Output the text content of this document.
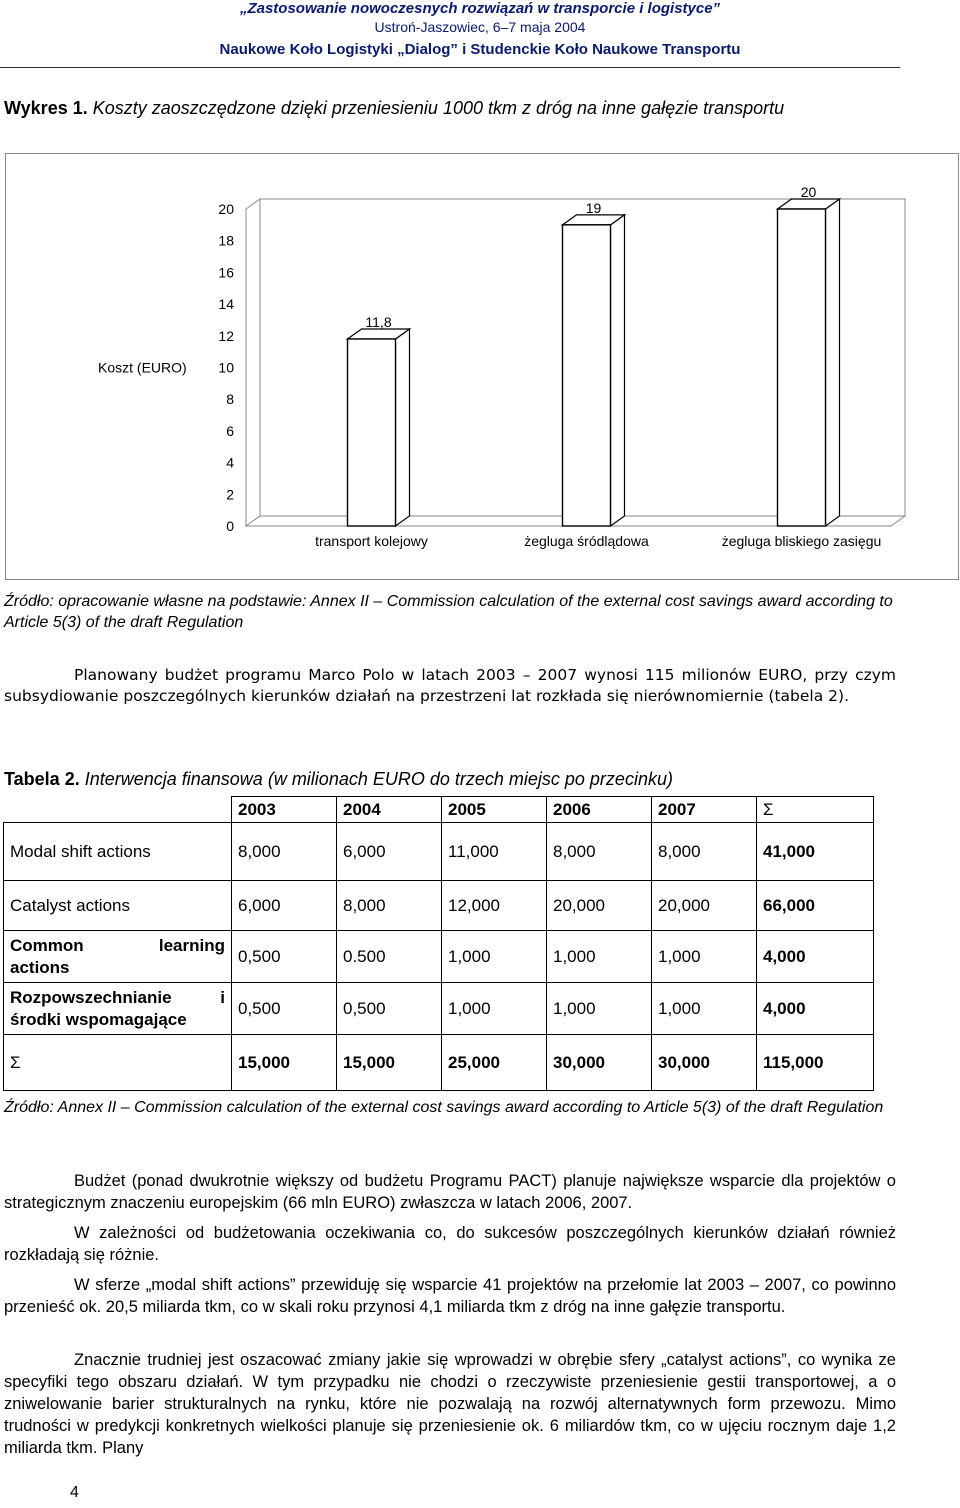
„Zastosowanie nowoczesnych rozwiązań w transporcie i logistyce”
Ustroń-Jaszowiec, 6–7 maja 2004
Naukowe Koło Logistyki „Dialog” i Studenckie Koło Naukowe Transportu
Wykres 1. Koszty zaoszczędzone dzięki przeniesieniu 1000 tkm z dróg na inne gałęzie transportu
0
2
4
6
8
10
12
14
16
18
20
Koszt (EURO)
11,8
transport kolejowy
19
żegluga śródlądowa
20
żegluga bliskiego zasięgu
Źródło: opracowanie własne na podstawie: Annex II – Commission calculation of the external cost savings award according to Article 5(3) of the draft Regulation
Planowany budżet programu Marco Polo w latach 2003 – 2007 wynosi 115 milionów EURO, przy czym subsydiowanie poszczególnych kierunków działań na przestrzeni lat rozkłada się nierównomiernie (tabela 2).
Tabela 2. Interwencja finansowa (w milionach EURO do trzech miejsc po przecinku)
	2003	2004	2005	2006	2007	Σ
Modal shift actions	8,000	6,000	11,000	8,000	8,000	41,000
Catalyst actions	6,000	8,000	12,000	20,000	20,000	66,000

Common learning
actions	0,500	0.500	1,000	1,000	1,000	4,000

Rozpowszechnianie i
środki wspomagające	0,500	0,500	1,000	1,000	1,000	4,000
Σ	15,000	15,000	25,000	30,000	30,000	115,000
Źródło: Annex II – Commission calculation of the external cost savings award according to Article 5(3) of the draft Regulation
Budżet (ponad dwukrotnie większy od budżetu Programu PACT) planuje największe wsparcie dla projektów o strategicznym znaczeniu europejskim (66 mln EURO) zwłaszcza w latach 2006, 2007.
W zależności od budżetowania oczekiwania co, do sukcesów poszczególnych kierunków działań również rozkładają się różnie.
W sferze „modal shift actions” przewiduję się wsparcie 41 projektów na przełomie lat 2003 – 2007, co powinno przenieść ok. 20,5 miliarda tkm, co w skali roku przynosi 4,1 miliarda tkm z dróg na inne gałęzie transportu.
Znacznie trudniej jest oszacować zmiany jakie się wprowadzi w obrębie sfery „catalyst actions”, co wynika ze specyfiki tego obszaru działań. W tym przypadku nie chodzi o rzeczywiste przeniesienie gestii transportowej, a o zniwelowanie barier strukturalnych na rynku, które nie pozwalają na rozwój alternatywnych form przewozu. Mimo trudności w predykcji konkretnych wielkości planuje się przeniesienie ok. 6 miliardów tkm, co w ujęciu rocznym daje 1,2 miliarda tkm. Plany
4
